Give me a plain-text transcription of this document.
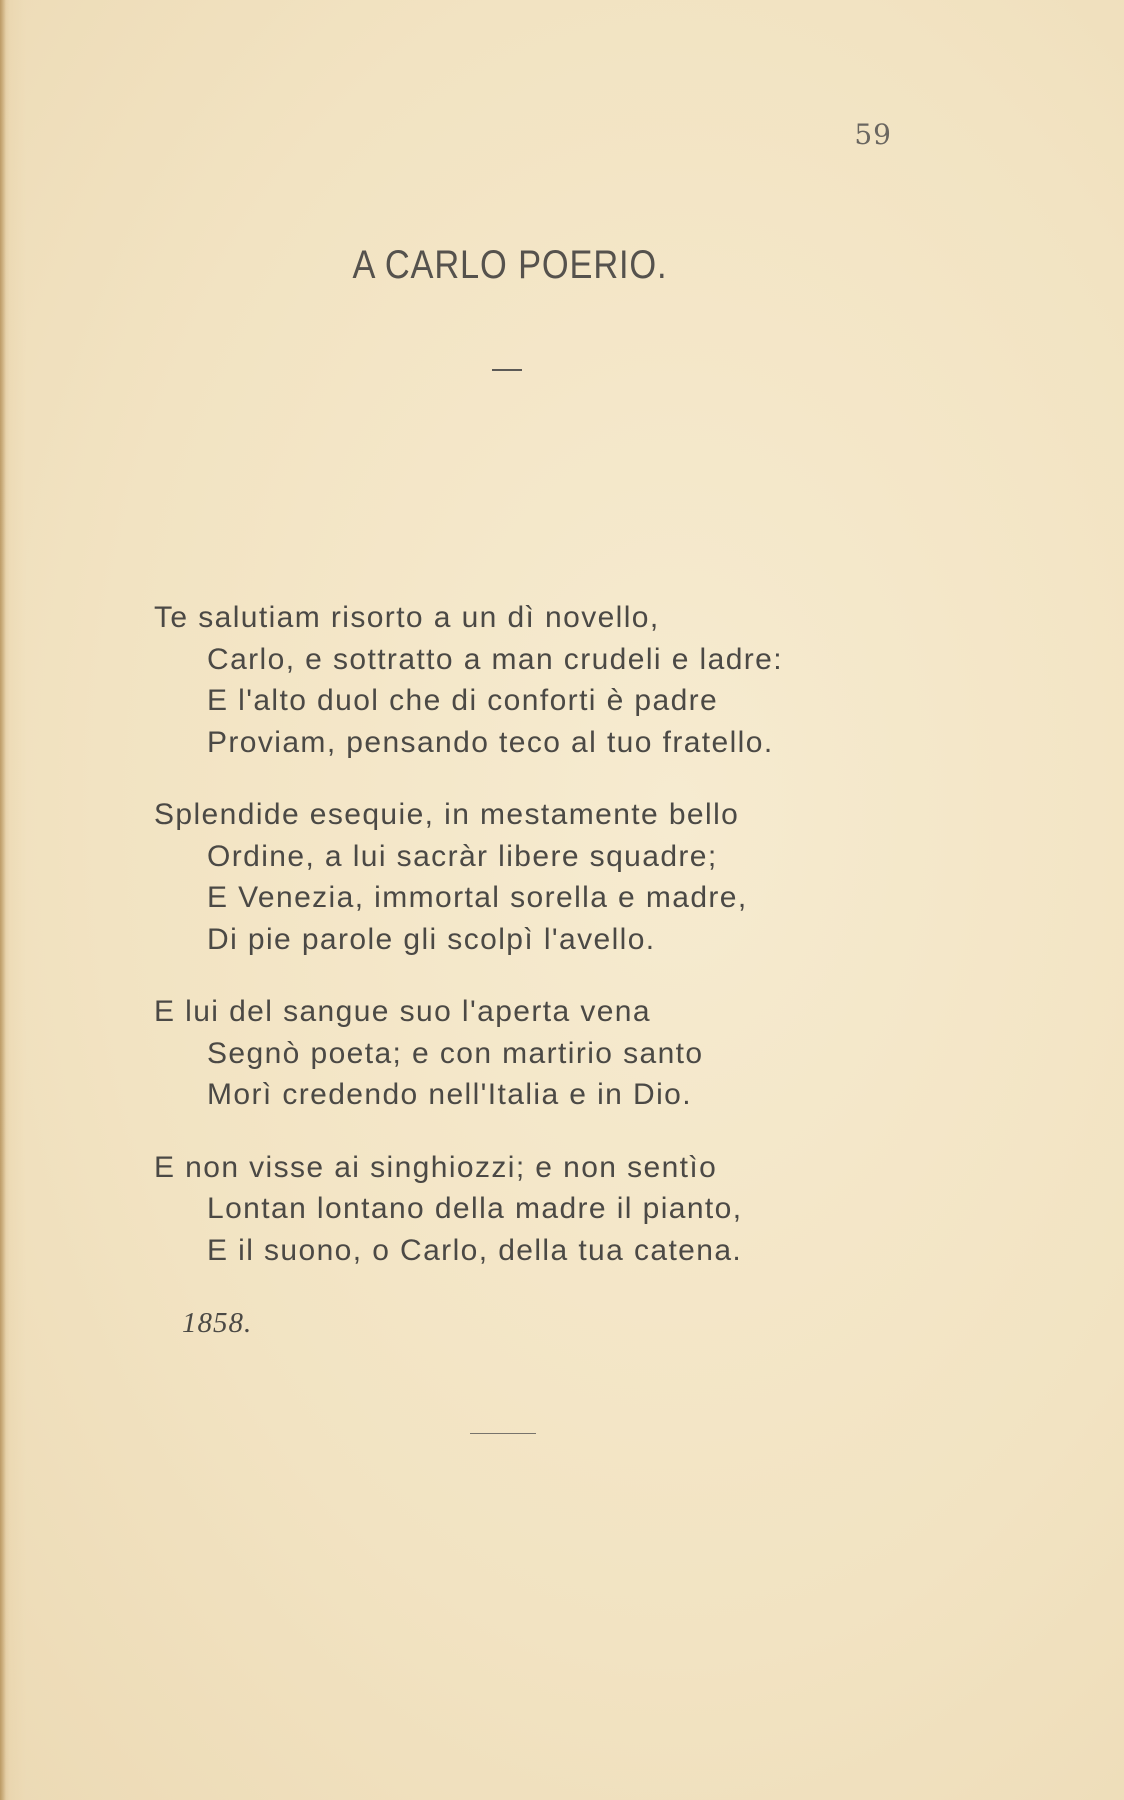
59
A CARLO POERIO.
Te salutiam risorto a un dì novello,
Carlo, e sottratto a man crudeli e ladre:
E l'alto duol che di conforti è padre
Proviam, pensando teco al tuo fratello.
Splendide esequie, in mestamente bello
Ordine, a lui sacràr libere squadre;
E Venezia, immortal sorella e madre,
Di pie parole gli scolpì l'avello.
E lui del sangue suo l'aperta vena
Segnò poeta; e con martirio santo
Morì credendo nell'Italia e in Dio.
E non visse ai singhiozzi; e non sentìo
Lontan lontano della madre il pianto,
E il suono, o Carlo, della tua catena.
1858.
